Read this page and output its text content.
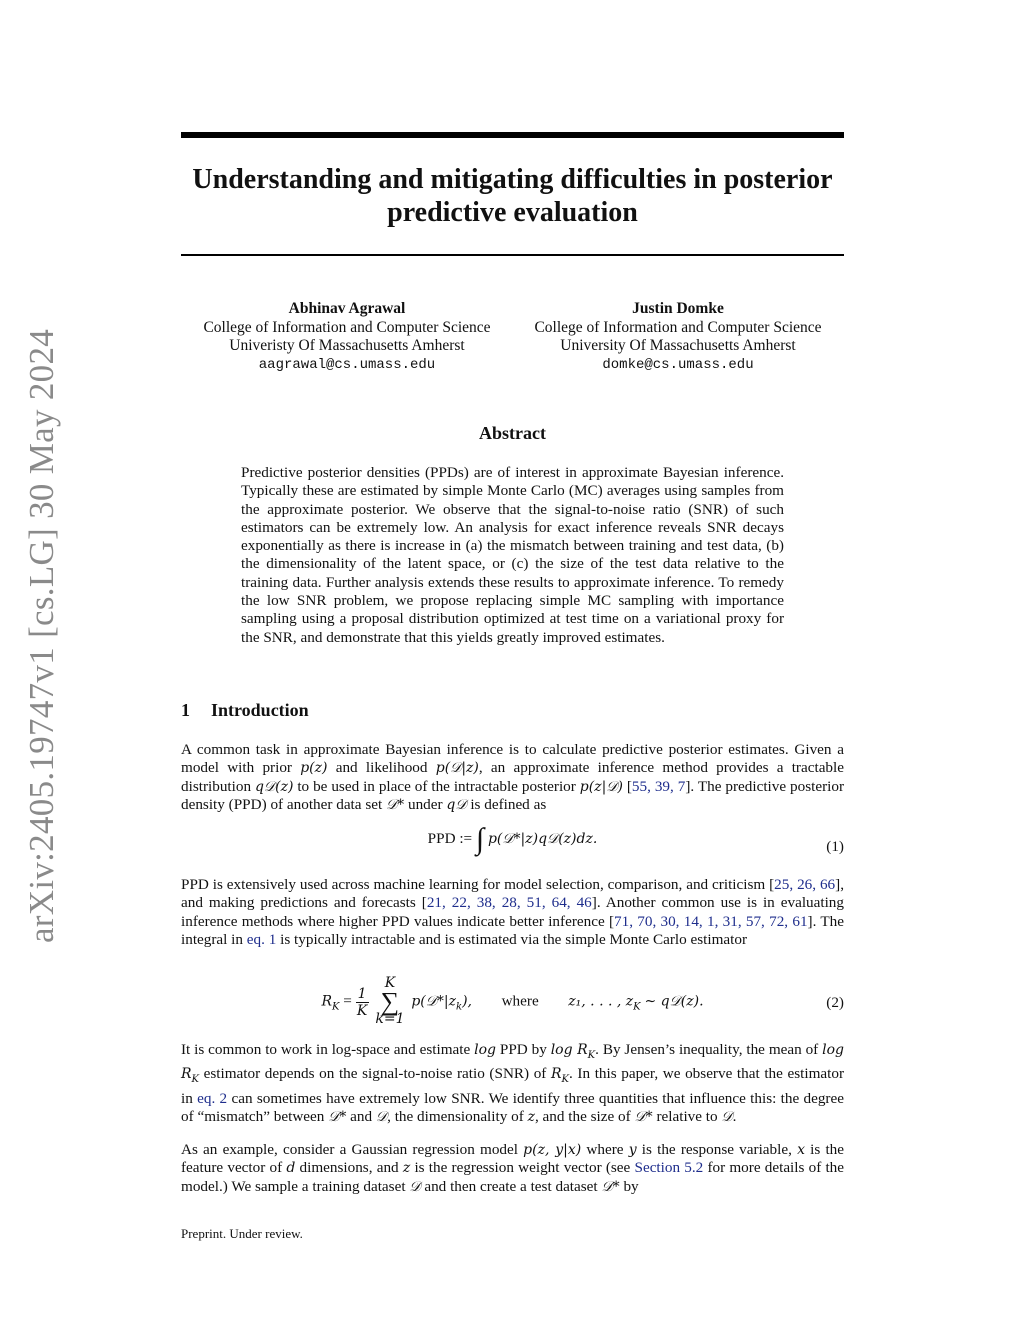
arXiv:2405.19747v1 [cs.LG] 30 May 2024
Understanding and mitigating difficulties in posterior predictive evaluation
Abhinav Agrawal
College of Information and Computer Science
Univeristy Of Massachusetts Amherst
aagrawal@cs.umass.edu
Justin Domke
College of Information and Computer Science
University Of Massachusetts Amherst
domke@cs.umass.edu
Abstract

Predictive posterior densities (PPDs) are of interest in approximate Bayesian inference. Typically these are estimated by simple Monte Carlo (MC) averages using samples from the approximate posterior. We observe that the signal-to-noise ratio (SNR) of such estimators can be extremely low. An analysis for exact inference reveals SNR decays exponentially as there is increase in (a) the mismatch between training and test data, (b) the dimensionality of the latent space, or (c) the size of the test data relative to the training data. Further analysis extends these results to approximate inference. To remedy the low SNR problem, we propose replacing simple MC sampling with importance sampling using a proposal distribution optimized at test time on a variational proxy for the SNR, and demonstrate that this yields greatly improved estimates.

1 Introduction

A common task in approximate Bayesian inference is to calculate predictive posterior estimates. Given a model with prior p(z) and likelihood p(𝒟|z), an approximate inference method provides a tractable distribution q𝒟(z) to be used in place of the intractable posterior p(z|𝒟) [55, 39, 7]. The predictive posterior density (PPD) of another data set 𝒟* under q𝒟 is defined as

PPD := ∫ p(𝒟*|z)q𝒟(z)dz.	(1)

PPD is extensively used across machine learning for model selection, comparison, and criticism [25, 26, 66], and making predictions and forecasts [21, 22, 38, 28, 51, 64, 46]. Another common use is in evaluating inference methods where higher PPD values indicate better inference [71, 70, 30, 14, 1, 31, 57, 72, 61]. The integral in eq. 1 is typically intractable and is estimated via the simple Monte Carlo estimator

$R_K = \frac{1}{K}$
K
∑
k=1 $p(𝒟*|z_k)$, where z₁, . . . , $z_K$ ∼ q𝒟(z).	(2)

It is common to work in log-space and estimate log PPD by $\log R_K$. By Jensen’s inequality, the mean of $\log R_K$ estimator depends on the signal-to-noise ratio (SNR) of $R_K$. In this paper, we observe that the estimator in eq. 2 can sometimes have extremely low SNR. We identify three quantities that influence this: the degree of “mismatch” between 𝒟* and 𝒟, the dimensionality of z, and the size of 𝒟* relative to 𝒟.

As an example, consider a Gaussian regression model p(z, y|x) where y is the response variable, x is the feature vector of d dimensions, and z is the regression weight vector (see Section 5.2 for more details of the model.) We sample a training dataset 𝒟 and then create a test dataset 𝒟* by

Preprint. Under review.
